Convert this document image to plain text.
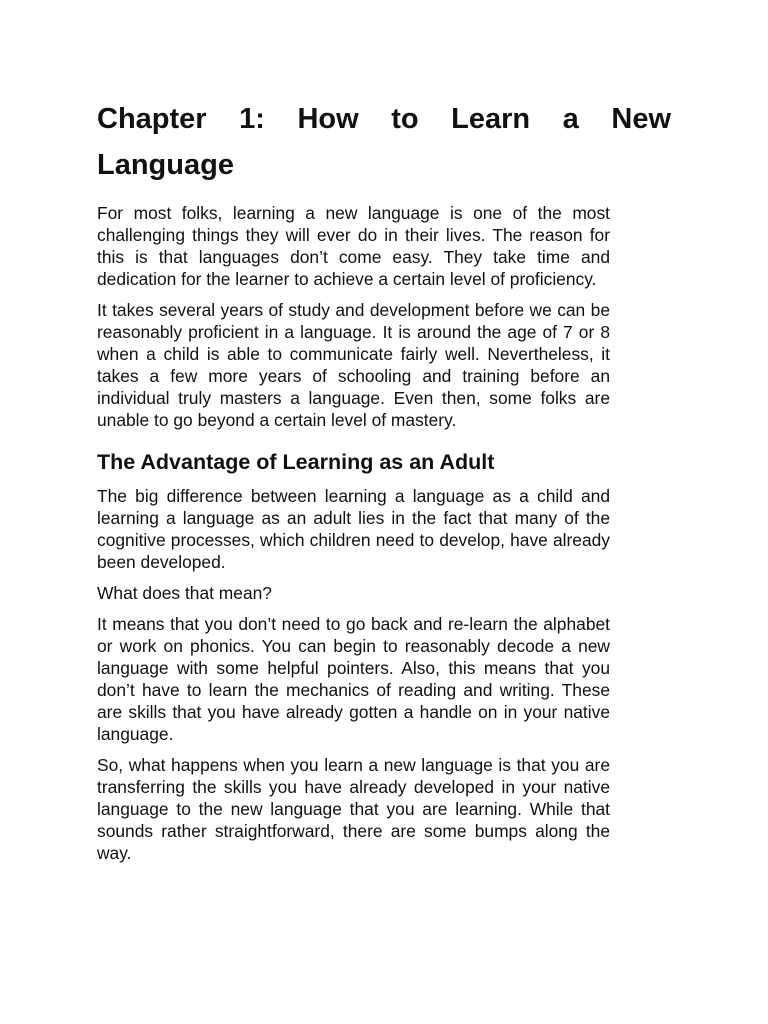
Chapter 1: How to Learn a New
Language

For most folks, learning a new language is one of the most challenging things they will ever do in their lives. The reason for this is that languages don’t come easy. They take time and dedication for the learner to achieve a certain level of proficiency.

It takes several years of study and development before we can be reasonably proficient in a language. It is around the age of 7 or 8 when a child is able to communicate fairly well. Nevertheless, it takes a few more years of schooling and training before an individual truly masters a language. Even then, some folks are unable to go beyond a certain level of mastery.

The Advantage of Learning as an Adult

The big difference between learning a language as a child and learning a language as an adult lies in the fact that many of the cognitive processes, which children need to develop, have already been developed.

What does that mean?

It means that you don’t need to go back and re-learn the alphabet or work on phonics. You can begin to reasonably decode a new language with some helpful pointers. Also, this means that you don’t have to learn the mechanics of reading and writing. These are skills that you have already gotten a handle on in your native language.

So, what happens when you learn a new language is that you are transferring the skills you have already developed in your native language to the new language that you are learning. While that sounds rather straightforward, there are some bumps along the way.
